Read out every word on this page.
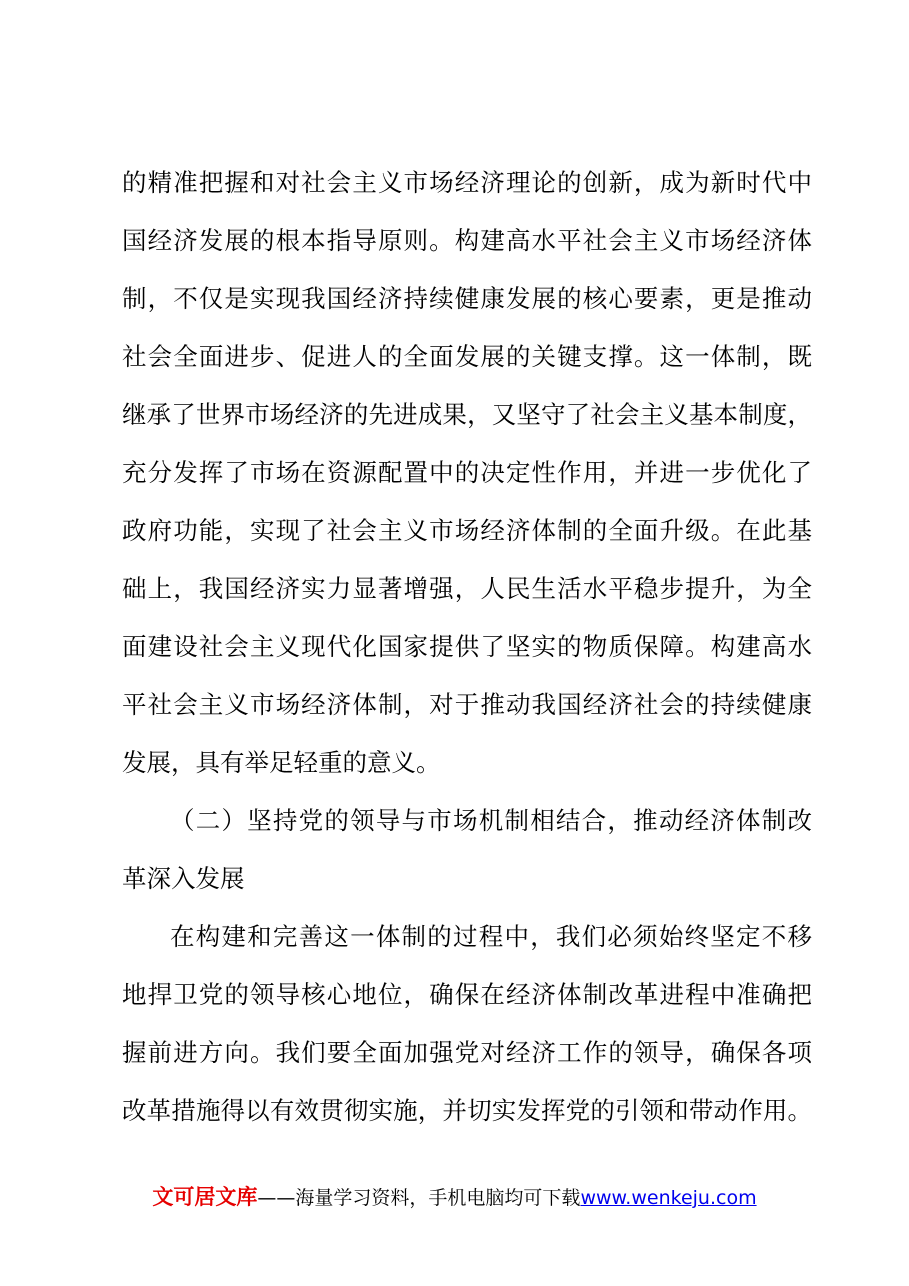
的精准把握和对社会主义市场经济理论的创新，成为新时代中
国经济发展的根本指导原则。构建高水平社会主义市场经济体
制，不仅是实现我国经济持续健康发展的核心要素，更是推动
社会全面进步、促进人的全面发展的关键支撑。这一体制，既
继承了世界市场经济的先进成果，又坚守了社会主义基本制度，
充分发挥了市场在资源配置中的决定性作用，并进一步优化了
政府功能，实现了社会主义市场经济体制的全面升级。在此基
础上，我国经济实力显著增强，人民生活水平稳步提升，为全
面建设社会主义现代化国家提供了坚实的物质保障。构建高水
平社会主义市场经济体制，对于推动我国经济社会的持续健康
发展，具有举足轻重的意义。
（二）坚持党的领导与市场机制相结合，推动经济体制改
革深入发展
在构建和完善这一体制的过程中，我们必须始终坚定不移
地捍卫党的领导核心地位，确保在经济体制改革进程中准确把
握前进方向。我们要全面加强党对经济工作的领导，确保各项
改革措施得以有效贯彻实施，并切实发挥党的引领和带动作用。
文可居文库——海量学习资料，手机电脑均可下载www.wenkeju.com
